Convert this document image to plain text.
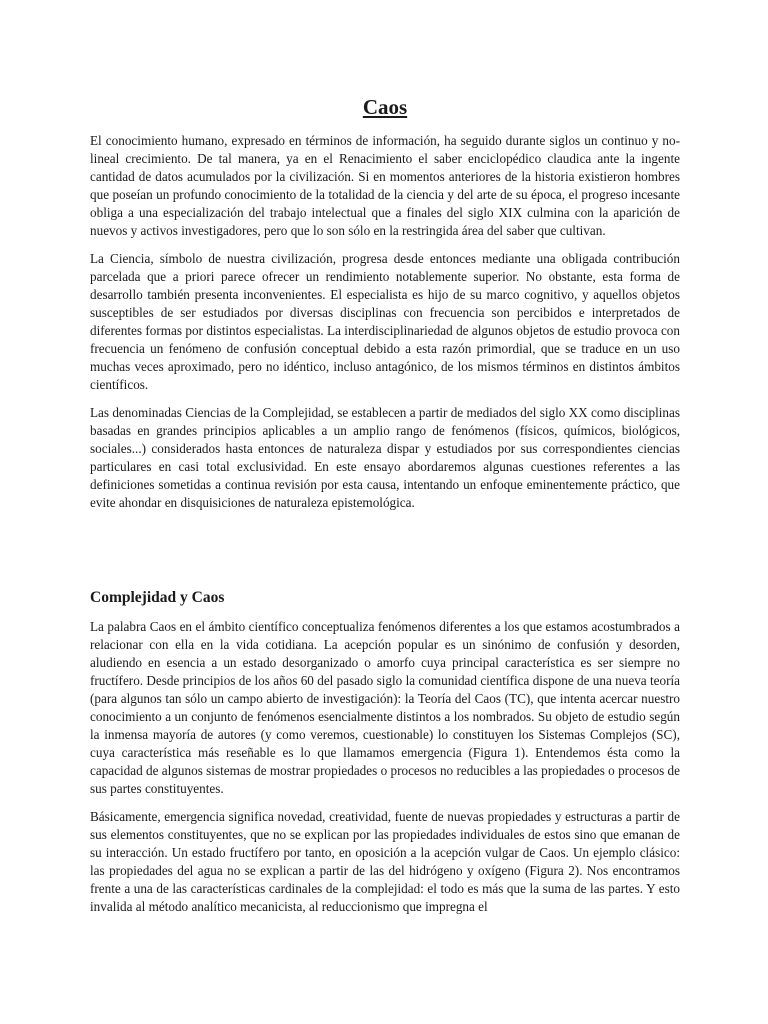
Caos

El conocimiento humano, expresado en términos de información, ha seguido durante siglos un continuo y no-lineal crecimiento. De tal manera, ya en el Renacimiento el saber enciclopédico claudica ante la ingente cantidad de datos acumulados por la civilización. Si en momentos anteriores de la historia existieron hombres que poseían un profundo conocimiento de la totalidad de la ciencia y del arte de su época, el progreso incesante obliga a una especialización del trabajo intelectual que a finales del siglo XIX culmina con la aparición de nuevos y activos investigadores, pero que lo son sólo en la restringida área del saber que cultivan.

La Ciencia, símbolo de nuestra civilización, progresa desde entonces mediante una obligada contribución parcelada que a priori parece ofrecer un rendimiento notablemente superior. No obstante, esta forma de desarrollo también presenta inconvenientes. El especialista es hijo de su marco cognitivo, y aquellos objetos susceptibles de ser estudiados por diversas disciplinas con frecuencia son percibidos e interpretados de diferentes formas por distintos especialistas. La interdisciplinariedad de algunos objetos de estudio provoca con frecuencia un fenómeno de confusión conceptual debido a esta razón primordial, que se traduce en un uso muchas veces aproximado, pero no idéntico, incluso antagónico, de los mismos términos en distintos ámbitos científicos.

Las denominadas Ciencias de la Complejidad, se establecen a partir de mediados del siglo XX como disciplinas basadas en grandes principios aplicables a un amplio rango de fenómenos (físicos, químicos, biológicos, sociales...) considerados hasta entonces de naturaleza dispar y estudiados por sus correspondientes ciencias particulares en casi total exclusividad. En este ensayo abordaremos algunas cuestiones referentes a las definiciones sometidas a continua revisión por esta causa, intentando un enfoque eminentemente práctico, que evite ahondar en disquisiciones de naturaleza epistemológica.

Complejidad y Caos

La palabra Caos en el ámbito científico conceptualiza fenómenos diferentes a los que estamos acostumbrados a relacionar con ella en la vida cotidiana. La acepción popular es un sinónimo de confusión y desorden, aludiendo en esencia a un estado desorganizado o amorfo cuya principal característica es ser siempre no fructífero. Desde principios de los años 60 del pasado siglo la comunidad científica dispone de una nueva teoría (para algunos tan sólo un campo abierto de investigación): la Teoría del Caos (TC), que intenta acercar nuestro conocimiento a un conjunto de fenómenos esencialmente distintos a los nombrados. Su objeto de estudio según la inmensa mayoría de autores (y como veremos, cuestionable) lo constituyen los Sistemas Complejos (SC), cuya característica más reseñable es lo que llamamos emergencia (Figura 1). Entendemos ésta como la capacidad de algunos sistemas de mostrar propiedades o procesos no reducibles a las propiedades o procesos de sus partes constituyentes.

Básicamente, emergencia significa novedad, creatividad, fuente de nuevas propiedades y estructuras a partir de sus elementos constituyentes, que no se explican por las propiedades individuales de estos sino que emanan de su interacción. Un estado fructífero por tanto, en oposición a la acepción vulgar de Caos. Un ejemplo clásico: las propiedades del agua no se explican a partir de las del hidrógeno y oxígeno (Figura 2). Nos encontramos frente a una de las características cardinales de la complejidad: el todo es más que la suma de las partes. Y esto invalida al método analítico mecanicista, al reduccionismo que impregna el
